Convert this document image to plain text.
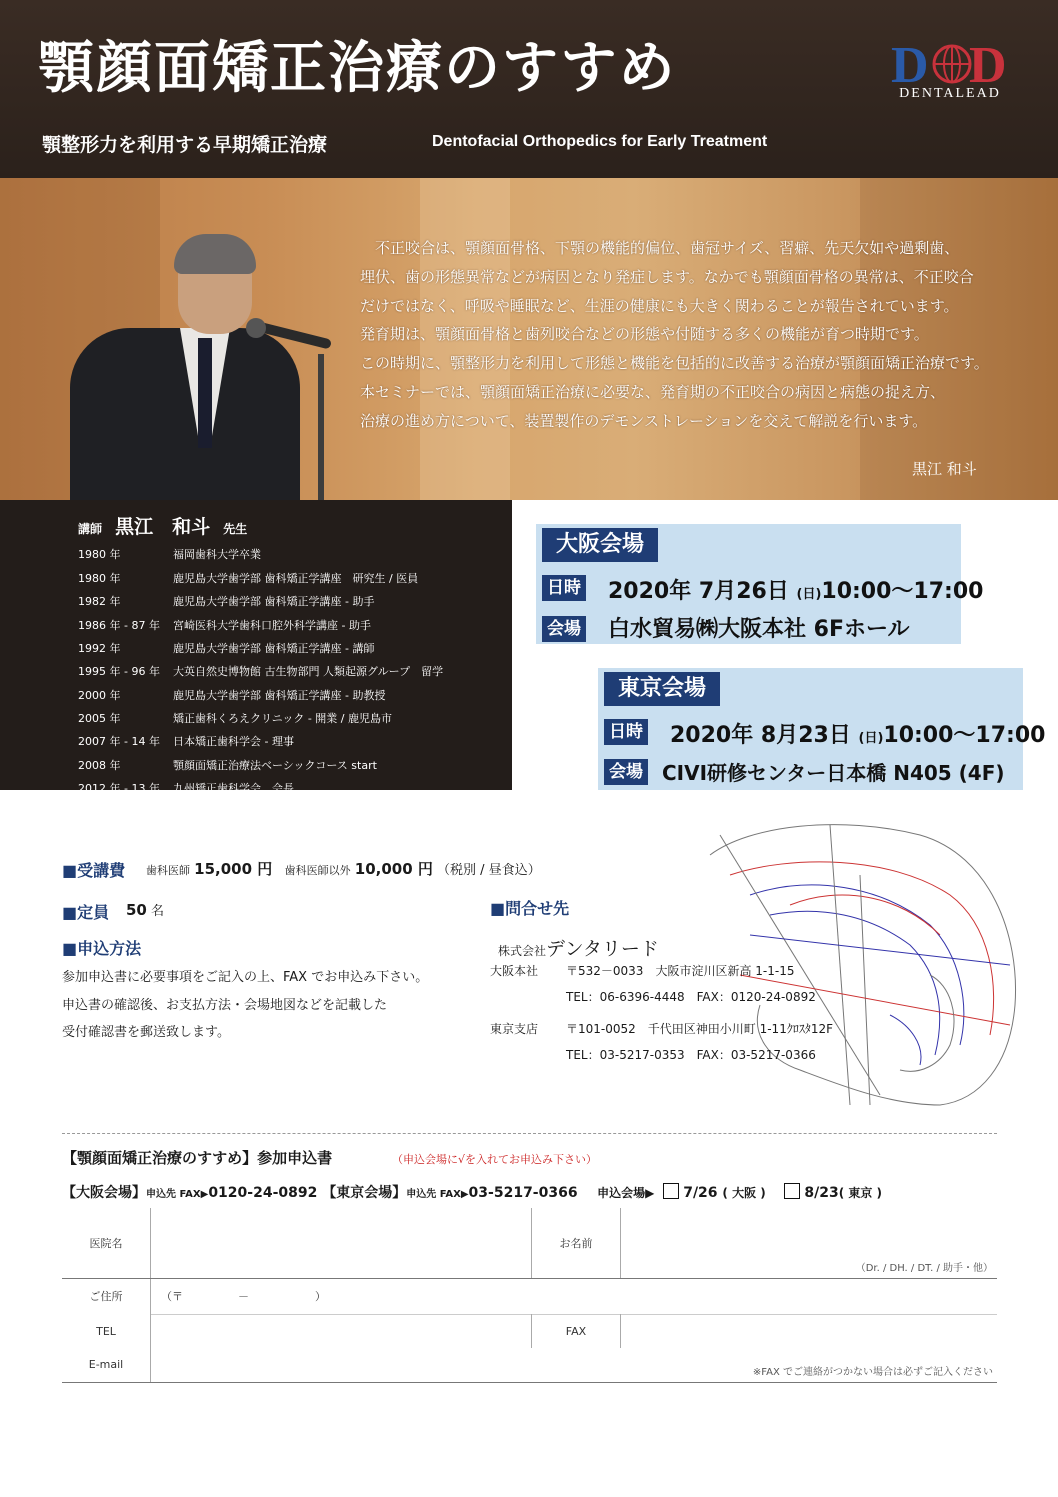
顎顔面矯正治療のすすめ
顎整形力を利用する早期矯正治療	Dentofacial Orthopedics for Early Treatment
D D
DENTALEAD
　不正咬合は、顎顔面骨格、下顎の機能的偏位、歯冠サイズ、習癖、先天欠如や過剰歯、
埋伏、歯の形態異常などが病因となり発症します。なかでも顎顔面骨格の異常は、不正咬合
だけではなく、呼吸や睡眠など、生涯の健康にも大きく関わることが報告されています。
発育期は、顎顔面骨格と歯列咬合などの形態や付随する多くの機能が育つ時期です。
この時期に、顎整形力を利用して形態と機能を包括的に改善する治療が顎顔面矯正治療です。
本セミナーでは、顎顔面矯正治療に必要な、発育期の不正咬合の病因と病態の捉え方、
治療の進め方について、装置製作のデモンストレーションを交えて解説を行います。
黒江 和斗
講師 黒江　和斗 先生
1980 年	福岡歯科大学卒業
1980 年	鹿児島大学歯学部 歯科矯正学講座　研究生 / 医員
1982 年	鹿児島大学歯学部 歯科矯正学講座 - 助手
1986 年 - 87 年 宮崎医科大学歯科口腔外科学講座 - 助手
1992 年	鹿児島大学歯学部 歯科矯正学講座 - 講師
1995 年 - 96 年 大英自然史博物館 古生物部門 人類起源グループ　留学
2000 年	鹿児島大学歯学部 歯科矯正学講座 - 助教授
2005 年	矯正歯科くろえクリニック - 開業 / 鹿児島市
2007 年 - 14 年 日本矯正歯科学会 - 理事
2008 年	顎顔面矯正治療法ベーシックコース start
2012 年 - 13 年 九州矯正歯科学会　会長
大阪会場
日時 2020年 7月26日 (日)10:00～17:00
会場 白水貿易㈱大阪本社 6Fホール
東京会場
日時 2020年 8月23日 (日)10:00～17:00
会場 CIVI研修センター日本橋 N405 (4F)
■受講費 歯科医師 15,000 円 歯科医師以外 10,000 円 （税別 / 昼食込）
■定員 50 名
■申込方法
参加申込書に必要事項をご記入の上、FAX でお申込み下さい。
申込書の確認後、お支払方法・会場地図などを記載した
受付確認書を郵送致します。
■問合せ先
株式会社デンタリード
大阪本社 〒532－0033　大阪市淀川区新高 1-1-15
TEL：06-6396-4448　FAX：0120-24-0892
東京支店 〒101-0052　千代田区神田小川町 1-11ｸﾛｽﾀ12F
TEL：03-5217-0353　FAX：03-5217-0366
【顎顔面矯正治療のすすめ】参加申込書	（申込会場に√を入れてお申込み下さい）
【大阪会場】申込先 FAX▶0120-24-0892 【東京会場】申込先 FAX▶03-5217-0366 申込会場▶ 7/26 ( 大阪 )	8/23( 東京 )
医院名		お名前	（Dr. / DH. / DT. / 助手・他）
ご住所	（〒　　　　　－　　　　　　）		
TEL		FAX	
E-mail	※FAX でご連絡がつかない場合は必ずご記入ください		
